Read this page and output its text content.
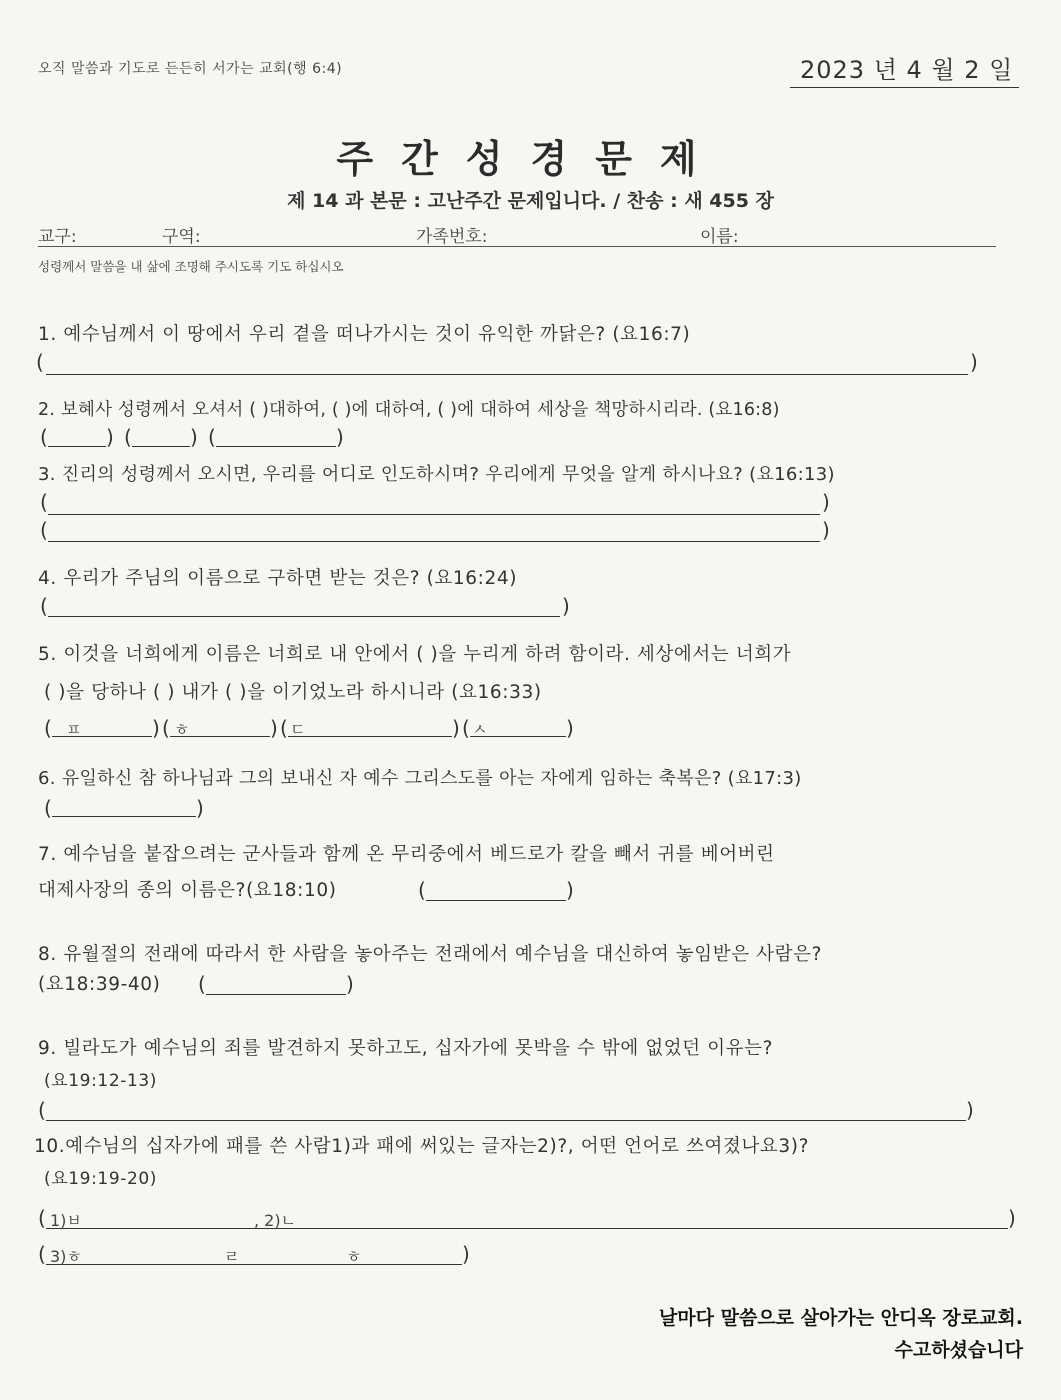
오직 말씀과 기도로 든든히 서가는 교회(행 6:4)	2023 년 4 월 2 일
주간성경문제
제 14 과 본문 : 고난주간 문제입니다. / 찬송 : 새 455 장
교구:	구역:	가족번호:	이름:
성령께서 말씀을 내 삶에 조명해 주시도록 기도 하십시오
1. 예수님께서 이 땅에서 우리 곁을 떠나가시는 것이 유익한 까닭은? (요16:7)
(	)
2. 보혜사 성령께서 오셔서 ( )대하여, ( )에 대하여, ( )에 대하여 세상을 책망하시리라. (요16:8)
(	) (	) (	)
3. 진리의 성령께서 오시면, 우리를 어디로 인도하시며? 우리에게 무엇을 알게 하시나요? (요16:13)
(	)
(	)
4. 우리가 주님의 이름으로 구하면 받는 것은? (요16:24)
(	)
5. 이것을 너희에게 이름은 너희로 내 안에서 ( )을 누리게 하려 함이라. 세상에서는 너희가
( )을 당하나 ( ) 내가 ( )을 이기었노라 하시니라 (요16:33)
( ㅍ	) ( ㅎ	) ( ㄷ	) ( ㅅ	)
6. 유일하신 참 하나님과 그의 보내신 자 예수 그리스도를 아는 자에게 임하는 축복은? (요17:3)
(	)
7. 예수님을 붙잡으려는 군사들과 함께 온 무리중에서 베드로가 칼을 빼서 귀를 베어버린
대제사장의 종의 이름은?(요18:10)	(	)
8. 유월절의 전래에 따라서 한 사람을 놓아주는 전래에서 예수님을 대신하여 놓임받은 사람은?
(요18:39-40) (	)
9. 빌라도가 예수님의 죄를 발견하지 못하고도, 십자가에 못박을 수 밖에 없었던 이유는?
(요19:12-13)
(	)
10.예수님의 십자가에 패를 쓴 사람1)과 패에 써있는 글자는2)?, 어떤 언어로 쓰여졌나요3)?
(요19:19-20)
( 1)ㅂ	, 2)ㄴ	)
( 3)ㅎ	ㄹ	ㅎ	)
날마다 말씀으로 살아가는 안디옥 장로교회.
수고하셨습니다
